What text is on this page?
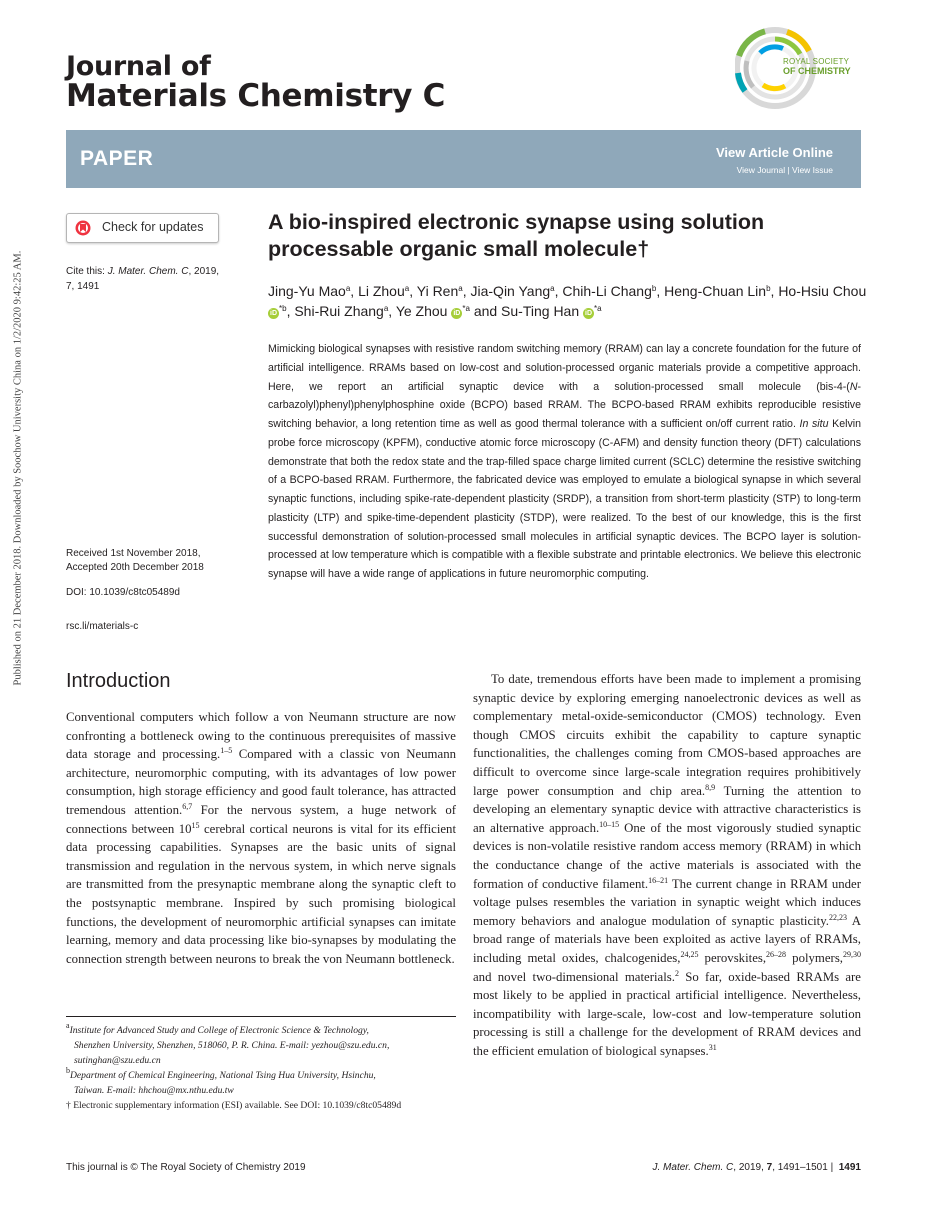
Published on 21 December 2018. Downloaded by Soochow University China on 1/2/2020 9:42:25 AM.
Journal of
Materials Chemistry C
ROYAL SOCIETY
OF CHEMISTRY
PAPER	View Article Online
View Journal | View Issue
Check for updates
Cite this: J. Mater. Chem. C, 2019,
7, 1491
Received 1st November 2018,
Accepted 20th December 2018
DOI: 10.1039/c8tc05489d
rsc.li/materials-c
A bio-inspired electronic synapse using solution processable organic small molecule†
Jing-Yu Mao$^a$, Li Zhou$^a$, Yi Ren$^a$, Jia-Qin Yang$^a$, Chih-Li Chang$^b$, Heng-Chuan Lin$^b$, Ho-Hsiu Chou $iD^{*b}$, Shi-Rui Zhang$^a$, Ye Zhou $iD^{*a}$ and Su-Ting Han $iD^{*a}$
Mimicking biological synapses with resistive random switching memory (RRAM) can lay a concrete foundation for the future of artificial intelligence. RRAMs based on low-cost and solution-processed organic materials provide a competitive approach. Here, we report an artificial synaptic device with a solution-processed small molecule (bis-4-(N-carbazolyl)phenyl)phenylphosphine oxide (BCPO) based RRAM. The BCPO-based RRAM exhibits reproducible resistive switching behavior, a long retention time as well as good thermal tolerance with a sufficient on/off current ratio. In situ Kelvin probe force microscopy (KPFM), conductive atomic force microscopy (C-AFM) and density function theory (DFT) calculations demonstrate that both the redox state and the trap-filled space charge limited current (SCLC) determine the resistive switching of a BCPO-based RRAM. Furthermore, the fabricated device was employed to emulate a biological synapse in which several synaptic functions, including spike-rate-dependent plasticity (SRDP), a transition from short-term plasticity (STP) to long-term plasticity (LTP) and spike-time-dependent plasticity (STDP), were realized. To the best of our knowledge, this is the first successful demonstration of solution-processed small molecules in artificial synaptic devices. The BCPO layer is solution-processed at low temperature which is compatible with a flexible substrate and printable electronics. We believe this electronic synapse will have a wide range of applications in future neuromorphic computing.
Introduction
Conventional computers which follow a von Neumann structure are now confronting a bottleneck owing to the continuous prerequisites of massive data storage and processing.$^{1-5}$ Compared with a classic von Neumann architecture, neuromorphic computing, with its advantages of low power consumption, high storage efficiency and good fault tolerance, has attracted tremendous attention.$^{6,7}$ For the nervous system, a huge network of connections between $10^{15}$ cerebral cortical neurons is vital for its efficient data processing capabilities. Synapses are the basic units of signal transmission and regulation in the nervous system, in which nerve signals are transmitted from the presynaptic membrane along the synaptic cleft to the postsynaptic membrane. Inspired by such promising biological functions, the development of neuromorphic artificial synapses can imitate learning, memory and data processing like bio-synapses by modulating the connection strength between neurons to break the von Neumann bottleneck.
To date, tremendous efforts have been made to implement a promising synaptic device by exploring emerging nanoelectronic devices as well as complementary metal-oxide-semiconductor (CMOS) technology. Even though CMOS circuits exhibit the capability to capture synaptic functionalities, the challenges coming from CMOS-based approaches are difficult to overcome since large-scale integration requires prohibitively large power consumption and chip area.$^{8,9}$ Turning the attention to developing an elementary synaptic device with attractive characteristics is an alternative approach.$^{10-15}$ One of the most vigorously studied synaptic devices is non-volatile resistive random access memory (RRAM) in which the conductance change of the active materials is associated with the formation of conductive filament.$^{16-21}$ The current change in RRAM under voltage pulses resembles the variation in synaptic weight which induces memory behaviors and analogue modulation of synaptic plasticity.$^{22,23}$ A broad range of materials have been exploited as active layers of RRAMs, including metal oxides, chalcogenides,$^{24,25}$ perovskites,$^{26-28}$ polymers,$^{29,30}$ and novel two-dimensional materials.$^2$ So far, oxide-based RRAMs are most likely to be applied in practical artificial intelligence. Nevertheless, incompatibility with large-scale, low-cost and low-temperature solution processing is still a challenge for the development of RRAM devices and the efficient emulation of biological synapses.$^{31}$
$^a$Institute for Advanced Study and College of Electronic Science & Technology,
Shenzhen University, Shenzhen, 518060, P. R. China. E-mail: yezhou@szu.edu.cn,
sutinghan@szu.edu.cn
$^b$Department of Chemical Engineering, National Tsing Hua University, Hsinchu,
Taiwan. E-mail: hhchou@mx.nthu.edu.tw
† Electronic supplementary information (ESI) available. See DOI: 10.1039/c8tc05489d
This journal is © The Royal Society of Chemistry 2019	J. Mater. Chem. C, 2019, 7, 1491–1501 | 1491
